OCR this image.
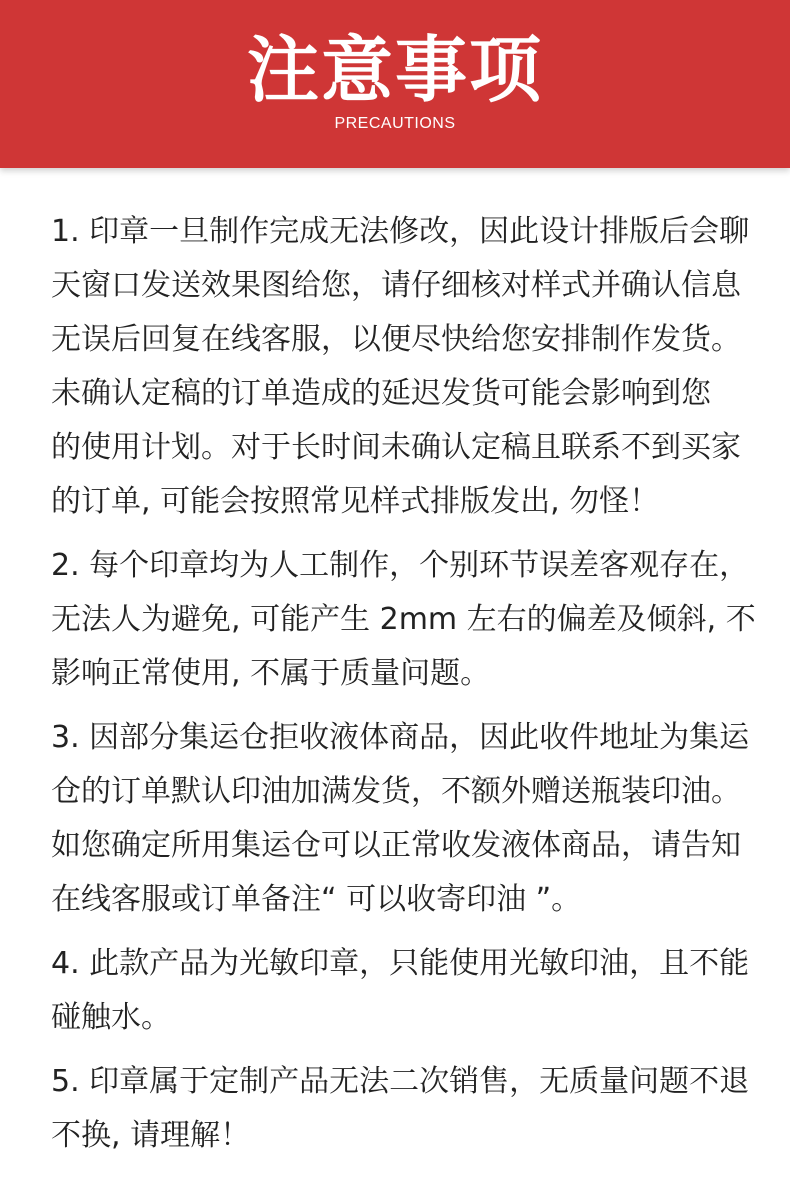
注意事项
PRECAUTIONS

1. 印章一旦制作完成无法修改，因此设计排版后会聊
天窗口发送效果图给您，请仔细核对样式并确认信息
无误后回复在线客服，以便尽快给您安排制作发货。
未确认定稿的订单造成的延迟发货可能会影响到您
的使用计划。对于长时间未确认定稿且联系不到买家
的订单, 可能会按照常见样式排版发出, 勿怪！

2. 每个印章均为人工制作，个别环节误差客观存在，
无法人为避免, 可能产生 2mm 左右的偏差及倾斜, 不
影响正常使用, 不属于质量问题。

3. 因部分集运仓拒收液体商品，因此收件地址为集运
仓的订单默认印油加满发货，不额外赠送瓶装印油。
如您确定所用集运仓可以正常收发液体商品，请告知
在线客服或订单备注“ 可以收寄印油 ”。

4. 此款产品为光敏印章，只能使用光敏印油，且不能
碰触水。

5. 印章属于定制产品无法二次销售，无质量问题不退
不换, 请理解！
